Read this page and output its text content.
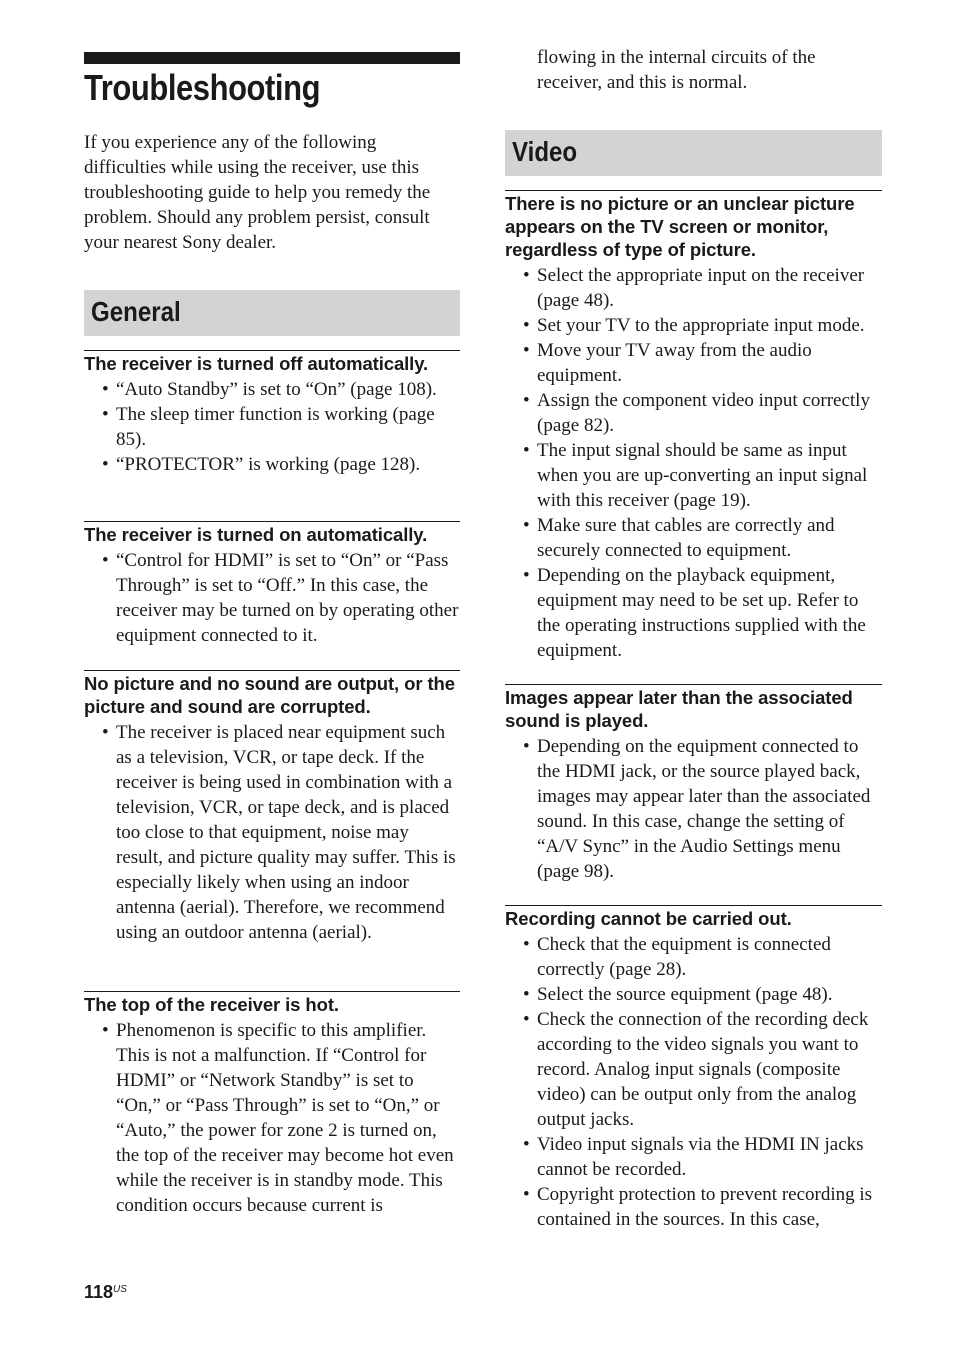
Troubleshooting

If you experience any of the following difficulties while using the receiver, use this troubleshooting guide to help you remedy the problem. Should any problem persist, consult your nearest Sony dealer.

General

The receiver is turned off automatically.

• “Auto Standby” is set to “On” (page 108).
• The sleep timer function is working (page 85).
• “PROTECTOR” is working (page 128).

The receiver is turned on automatically.

• “Control for HDMI” is set to “On” or “Pass Through” is set to “Off.” In this case, the receiver may be turned on by operating other equipment connected to it.

No picture and no sound are output, or the picture and sound are corrupted.

• The receiver is placed near equipment such as a television, VCR, or tape deck. If the receiver is being used in combination with a television, VCR, or tape deck, and is placed too close to that equipment, noise may result, and picture quality may suffer. This is especially likely when using an indoor antenna (aerial). Therefore, we recommend using an outdoor antenna (aerial).

The top of the receiver is hot.

• Phenomenon is specific to this amplifier. This is not a malfunction. If “Control for HDMI” or “Network Standby” is set to “On,” or “Pass Through” is set to “On,” or “Auto,” the power for zone 2 is turned on, the top of the receiver may become hot even while the receiver is in standby mode. This condition occurs because current is

flowing in the internal circuits of the receiver, and this is normal.

Video

There is no picture or an unclear picture appears on the TV screen or monitor, regardless of type of picture.

• Select the appropriate input on the receiver (page 48).
• Set your TV to the appropriate input mode.
• Move your TV away from the audio equipment.
• Assign the component video input correctly (page 82).
• The input signal should be same as input when you are up-converting an input signal with this receiver (page 19).
• Make sure that cables are correctly and securely connected to equipment.
• Depending on the playback equipment, equipment may need to be set up. Refer to the operating instructions supplied with the equipment.

Images appear later than the associated sound is played.

• Depending on the equipment connected to the HDMI jack, or the source played back, images may appear later than the associated sound. In this case, change the setting of “A/V Sync” in the Audio Settings menu (page 98).

Recording cannot be carried out.

• Check that the equipment is connected correctly (page 28).
• Select the source equipment (page 48).
• Check the connection of the recording deck according to the video signals you want to record. Analog input signals (composite video) can be output only from the analog output jacks.
• Video input signals via the HDMI IN jacks cannot be recorded.
• Copyright protection to prevent recording is contained in the sources. In this case,
$118^{US}$
